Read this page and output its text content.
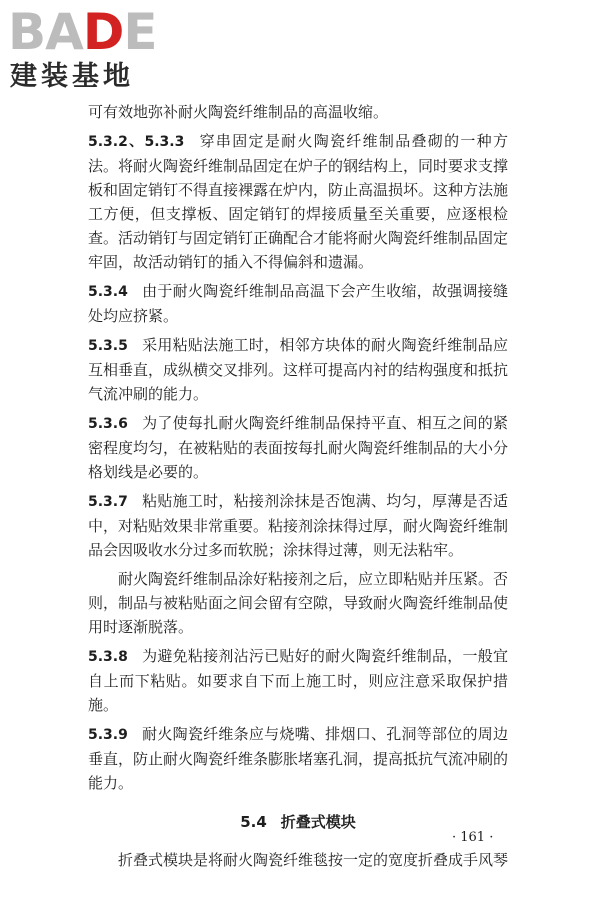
BADE
建装基地

可有效地弥补耐火陶瓷纤维制品的高温收缩。

5.3.2、5.3.3 穿串固定是耐火陶瓷纤维制品叠砌的一种方法。将耐火陶瓷纤维制品固定在炉子的钢结构上，同时要求支撑板和固定销钉不得直接裸露在炉内，防止高温损坏。这种方法施工方便，但支撑板、固定销钉的焊接质量至关重要，应逐根检查。活动销钉与固定销钉正确配合才能将耐火陶瓷纤维制品固定牢固，故活动销钉的插入不得偏斜和遗漏。

5.3.4 由于耐火陶瓷纤维制品高温下会产生收缩，故强调接缝处均应挤紧。

5.3.5 采用粘贴法施工时，相邻方块体的耐火陶瓷纤维制品应互相垂直，成纵横交叉排列。这样可提高内衬的结构强度和抵抗气流冲刷的能力。

5.3.6 为了使每扎耐火陶瓷纤维制品保持平直、相互之间的紧密程度均匀，在被粘贴的表面按每扎耐火陶瓷纤维制品的大小分格划线是必要的。

5.3.7 粘贴施工时，粘接剂涂抹是否饱满、均匀，厚薄是否适中，对粘贴效果非常重要。粘接剂涂抹得过厚，耐火陶瓷纤维制品会因吸收水分过多而软脱；涂抹得过薄，则无法粘牢。

耐火陶瓷纤维制品涂好粘接剂之后，应立即粘贴并压紧。否则，制品与被粘贴面之间会留有空隙，导致耐火陶瓷纤维制品使用时逐渐脱落。

5.3.8 为避免粘接剂沾污已贴好的耐火陶瓷纤维制品，一般宜自上而下粘贴。如要求自下而上施工时，则应注意采取保护措施。

5.3.9 耐火陶瓷纤维条应与烧嘴、排烟口、孔洞等部位的周边垂直，防止耐火陶瓷纤维条膨胀堵塞孔洞，提高抵抗气流冲刷的能力。

5.4 折叠式模块

折叠式模块是将耐火陶瓷纤维毯按一定的宽度折叠成手风琴

· 161 ·
